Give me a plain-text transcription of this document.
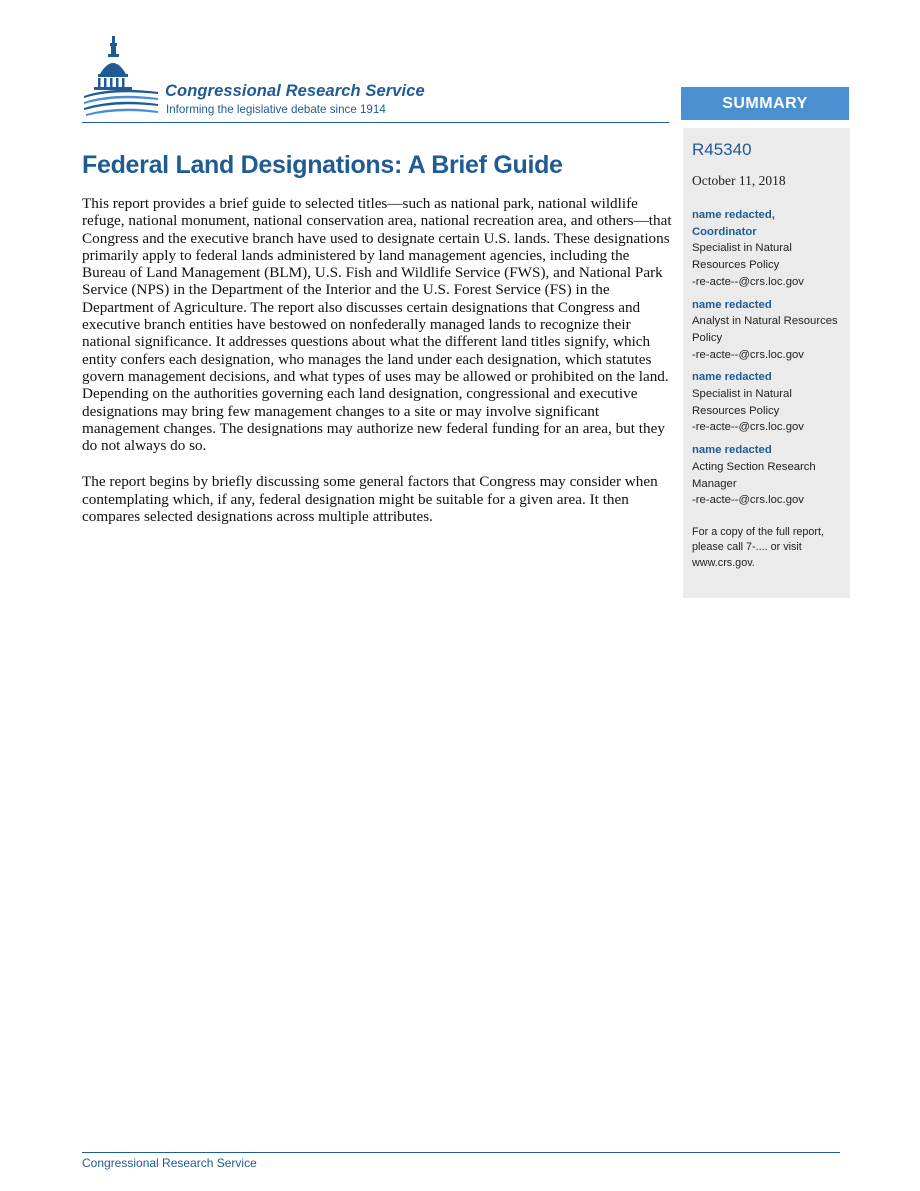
Congressional Research Service
Informing the legislative debate since 1914	SUMMARY
Federal Land Designations: A Brief Guide

This report provides a brief guide to selected titles—such as national park, national wildlife refuge, national monument, national conservation area, national recreation area, and others—that Congress and the executive branch have used to designate certain U.S. lands. These designations primarily apply to federal lands administered by land management agencies, including the Bureau of Land Management (BLM), U.S. Fish and Wildlife Service (FWS), and National Park Service (NPS) in the Department of the Interior and the U.S. Forest Service (FS) in the Department of Agriculture. The report also discusses certain designations that Congress and executive branch entities have bestowed on nonfederally managed lands to recognize their national significance. It addresses questions about what the different land titles signify, which entity confers each designation, who manages the land under each designation, which statutes govern management decisions, and what types of uses may be allowed or prohibited on the land. Depending on the authorities governing each land designation, congressional and executive designations may bring few management changes to a site or may involve significant management changes. The designations may authorize new federal funding for an area, but they do not always do so.

The report begins by briefly discussing some general factors that Congress may consider when contemplating which, if any, federal designation might be suitable for a given area. It then compares selected designations across multiple attributes.

R45340
October 11, 2018
name redacted,
Coordinator
Specialist in Natural Resources Policy
-re-acte--@crs.loc.gov
name redacted
Analyst in Natural Resources Policy
-re-acte--@crs.loc.gov
name redacted
Specialist in Natural Resources Policy
-re-acte--@crs.loc.gov
name redacted
Acting Section Research Manager
-re-acte--@crs.loc.gov
For a copy of the full report, please call 7-.... or visit www.crs.gov.
Congressional Research Service
